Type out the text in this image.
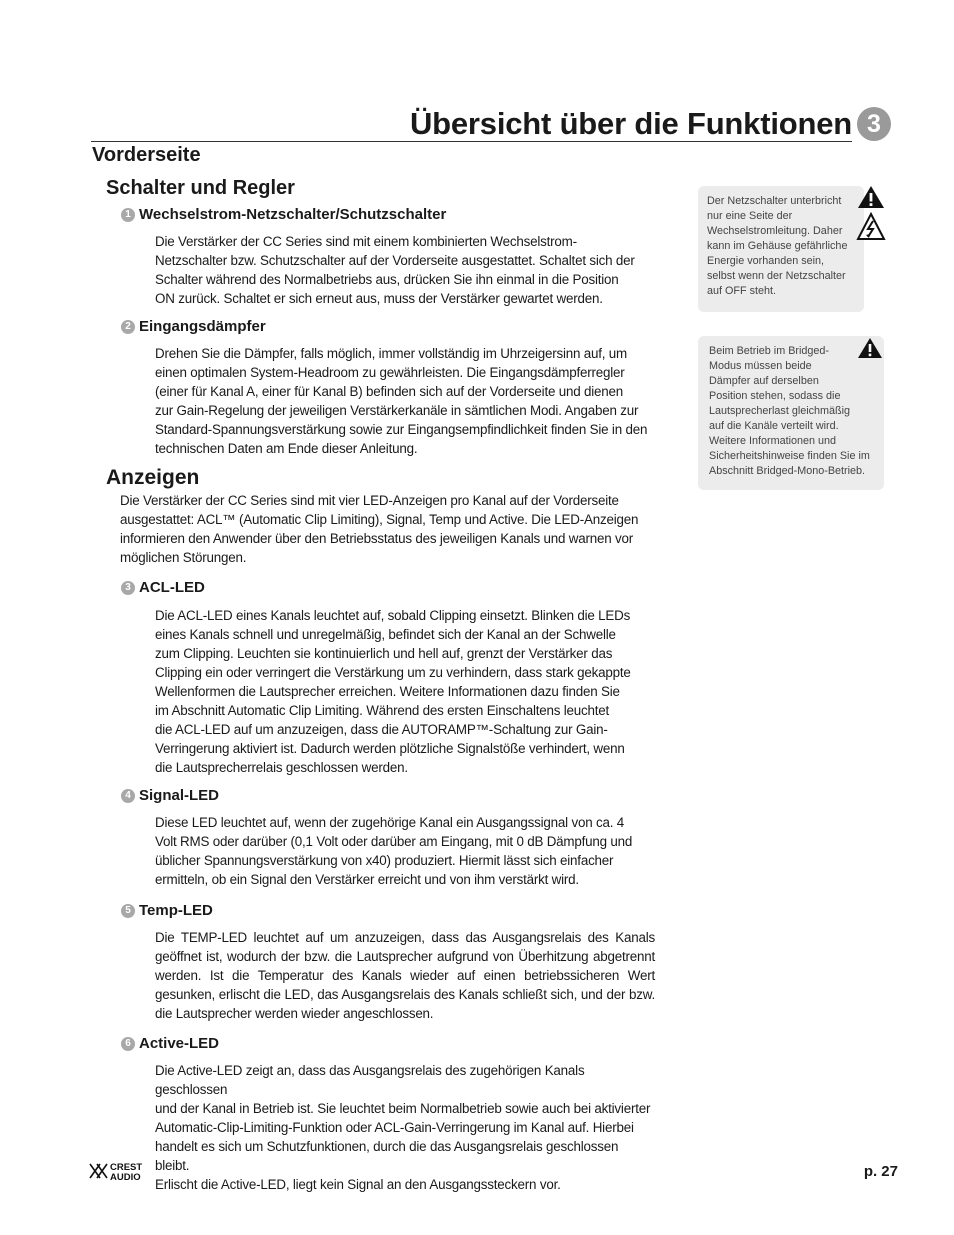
Übersicht über die Funktionen 3
Vorderseite
Schalter und Regler
1 Wechselstrom-Netzschalter/Schutzschalter

Die Verstärker der CC Series sind mit einem kombinierten Wechselstrom-

Netzschalter bzw. Schutzschalter auf der Vorderseite ausgestattet. Schaltet sich der

Schalter während des Normalbetriebs aus, drücken Sie ihn einmal in die Position

ON zurück. Schaltet er sich erneut aus, muss der Verstärker gewartet werden.

2 Eingangsdämpfer

Drehen Sie die Dämpfer, falls möglich, immer vollständig im Uhrzeigersinn auf, um

einen optimalen System-Headroom zu gewährleisten. Die Eingangsdämpferregler

(einer für Kanal A, einer für Kanal B) befinden sich auf der Vorderseite und dienen

zur Gain-Regelung der jeweiligen Verstärkerkanäle in sämtlichen Modi. Angaben zur

Standard-Spannungsverstärkung sowie zur Eingangsempfindlichkeit finden Sie in den

technischen Daten am Ende dieser Anleitung.

Anzeigen

Die Verstärker der CC Series sind mit vier LED-Anzeigen pro Kanal auf der Vorderseite

ausgestattet: ACL™ (Automatic Clip Limiting), Signal, Temp und Active. Die LED-Anzeigen

informieren den Anwender über den Betriebsstatus des jeweiligen Kanals und warnen vor

möglichen Störungen.

3 ACL-LED

Die ACL-LED eines Kanals leuchtet auf, sobald Clipping einsetzt. Blinken die LEDs

eines Kanals schnell und unregelmäßig, befindet sich der Kanal an der Schwelle

zum Clipping. Leuchten sie kontinuierlich und hell auf, grenzt der Verstärker das

Clipping ein oder verringert die Verstärkung um zu verhindern, dass stark gekappte

Wellenformen die Lautsprecher erreichen. Weitere Informationen dazu finden Sie

im Abschnitt Automatic Clip Limiting. Während des ersten Einschaltens leuchtet

die ACL-LED auf um anzuzeigen, dass die AUTORAMP™-Schaltung zur Gain-

Verringerung aktiviert ist. Dadurch werden plötzliche Signalstöße verhindert, wenn

die Lautsprecherrelais geschlossen werden.

4 Signal-LED

Diese LED leuchtet auf, wenn der zugehörige Kanal ein Ausgangssignal von ca. 4

Volt RMS oder darüber (0,1 Volt oder darüber am Eingang, mit 0 dB Dämpfung und

üblicher Spannungsverstärkung von x40) produziert. Hiermit lässt sich einfacher

ermitteln, ob ein Signal den Verstärker erreicht und von ihm verstärkt wird.

5 Temp-LED

Die TEMP-LED leuchtet auf um anzuzeigen, dass das Ausgangsrelais des Kanals geöffnet ist, wodurch der bzw. die Lautsprecher aufgrund von Überhitzung abgetrennt werden. Ist die Temperatur des Kanals wieder auf einen betriebssicheren Wert gesunken, erlischt die LED, das Ausgangsrelais des Kanals schließt sich, und der bzw. die Lautsprecher werden wieder angeschlossen.

6 Active-LED

Die Active-LED zeigt an, dass das Ausgangsrelais des zugehörigen Kanals geschlossen

und der Kanal in Betrieb ist. Sie leuchtet beim Normalbetrieb sowie auch bei aktivierter

Automatic-Clip-Limiting-Funktion oder ACL-Gain-Verringerung im Kanal auf. Hierbei

handelt es sich um Schutzfunktionen, durch die das Ausgangsrelais geschlossen bleibt.

Erlischt die Active-LED, liegt kein Signal an den Ausgangssteckern vor.

Der Netzschalter unterbricht
nur eine Seite der
Wechselstromleitung. Daher
kann im Gehäuse gefährliche
Energie vorhanden sein,
selbst wenn der Netzschalter
auf OFF steht.
Beim Betrieb im Bridged-
Modus müssen beide
Dämpfer auf derselben
Position stehen, sodass die
Lautsprecherlast gleichmäßig
auf die Kanäle verteilt wird.
Weitere Informationen und
Sicherheitshinweise finden Sie im
Abschnitt Bridged-Mono-Betrieb.
CREST
AUDIO	p. 27
